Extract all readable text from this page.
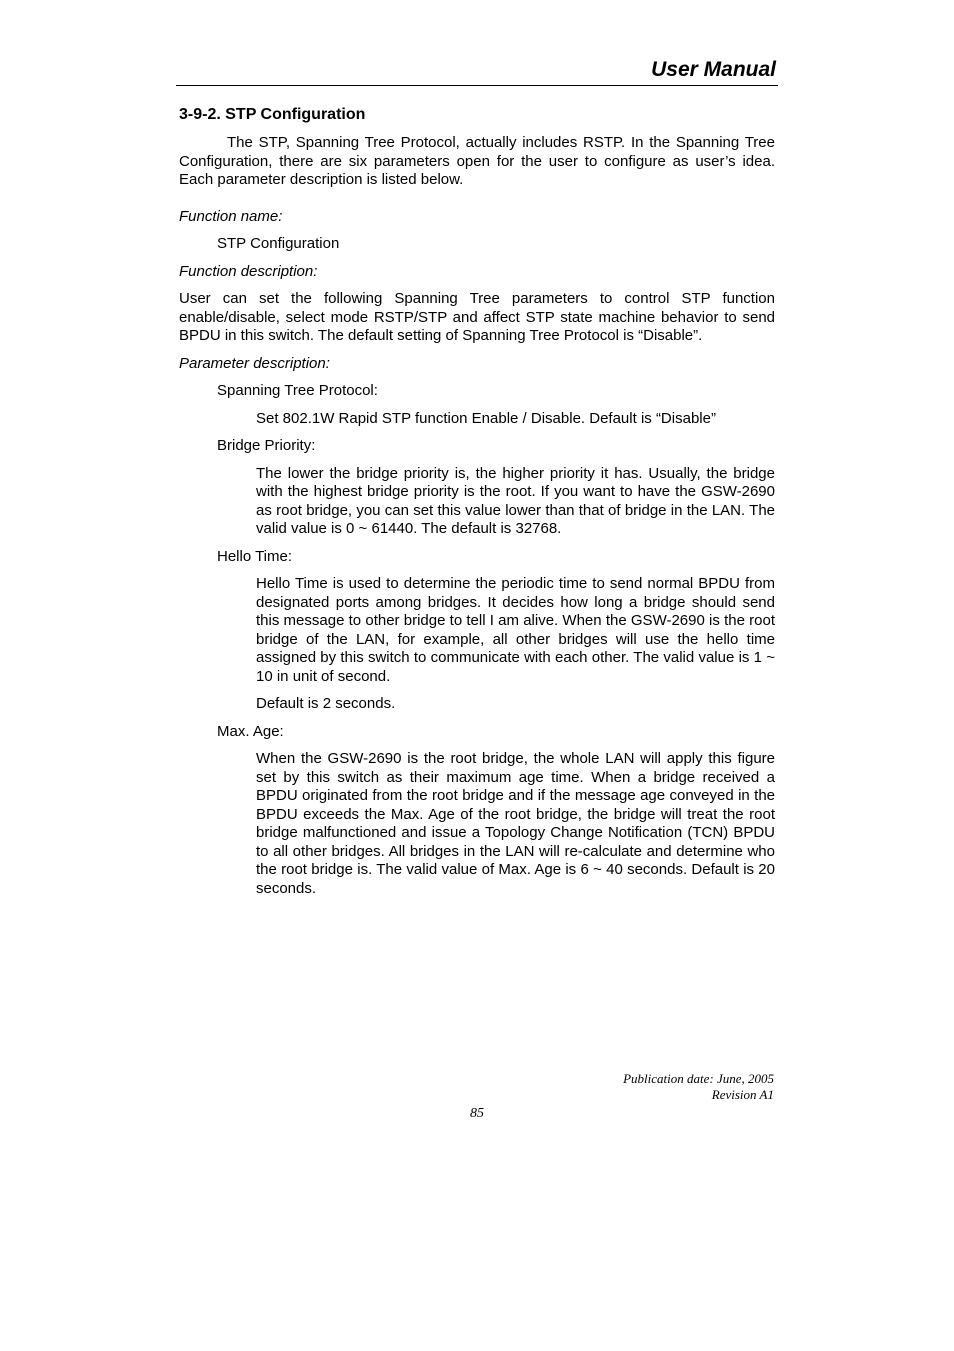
User Manual
3-9-2. STP Configuration

The STP, Spanning Tree Protocol, actually includes RSTP. In the Spanning Tree Configuration, there are six parameters open for the user to configure as user’s idea. Each parameter description is listed below.

Function name:
STP Configuration
Function description:

User can set the following Spanning Tree parameters to control STP function enable/disable, select mode RSTP/STP and affect STP state machine behavior to send BPDU in this switch. The default setting of Spanning Tree Protocol is “Disable”.

Parameter description:
Spanning Tree Protocol:

Set 802.1W Rapid STP function Enable / Disable. Default is “Disable”

Bridge Priority:

The lower the bridge priority is, the higher priority it has. Usually, the bridge with the highest bridge priority is the root. If you want to have the GSW-2690 as root bridge, you can set this value lower than that of bridge in the LAN. The valid value is 0 ~ 61440. The default is 32768.

Hello Time:

Hello Time is used to determine the periodic time to send normal BPDU from designated ports among bridges. It decides how long a bridge should send this message to other bridge to tell I am alive. When the GSW-2690 is the root bridge of the LAN, for example, all other bridges will use the hello time assigned by this switch to communicate with each other. The valid value is 1 ~ 10 in unit of second.

Default is 2 seconds.

Max. Age:

When the GSW-2690 is the root bridge, the whole LAN will apply this figure set by this switch as their maximum age time. When a bridge received a BPDU originated from the root bridge and if the message age conveyed in the BPDU exceeds the Max. Age of the root bridge, the bridge will treat the root bridge malfunctioned and issue a Topology Change Notification (TCN) BPDU to all other bridges. All bridges in the LAN will re-calculate and determine who the root bridge is. The valid value of Max. Age is 6 ~ 40 seconds. Default is 20 seconds.

Publication date: June, 2005
Revision A1
85
